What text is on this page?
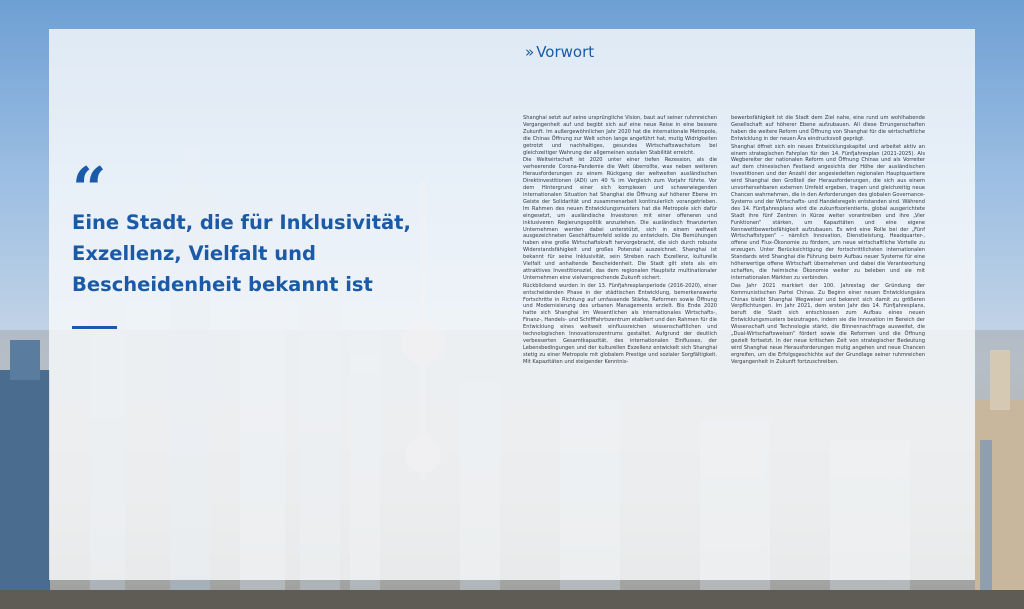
“
Eine Stadt, die für Inklusivität, Exzellenz, Vielfalt und Bescheidenheit bekannt ist
» Vorwort

Shanghai setzt auf seine ursprüngliche Vision, baut auf seiner ruhmreichen Vergangenheit auf und begibt sich auf eine neue Reise in eine bessere Zukunft. Im außergewöhnlichen Jahr 2020 hat die internationale Metropole, die Chinas Öffnung zur Welt schon lange angeführt hat, mutig Widrigkeiten getrotzt und nachhaltiges, gesundes Wirtschaftswachstum bei gleichzeitiger Wahrung der allgemeinen sozialen Stabilität erreicht.

Die Weltwirtschaft ist 2020 unter einer tiefen Rezession, als die verheerende Corona-Pandemie die Welt überrollte, was neben weiteren Herausforderungen zu einem Rückgang der weltweiten ausländischen Direktinvestitionen (ADI) um 40 % im Vergleich zum Vorjahr führte. Vor dem Hintergrund einer sich komplexen und schwerwiegenden internationalen Situation hat Shanghai die Öffnung auf höherer Ebene im Geiste der Solidarität und zusammenarbeit kontinuierlich vorangetrieben. Im Rahmen des neuen Entwicklungsmusters hat die Metropole sich dafür eingesetzt, um ausländische Investoren mit einer offeneren und inklusiveren Regierungspolitik anzuziehen. Die ausländisch finanzierten Unternehmen werden dabei unterstützt, sich in einem weltweit ausgezeichneten Geschäftsumfeld solide zu entwickeln. Die Bemühungen haben eine große Wirtschaftskraft hervorgebracht, die sich durch robuste Widerstandsfähigkeit und großes Potenzial auszeichnet. Shanghai ist bekannt für seine Inklusivität, sein Streben nach Exzellenz, kulturelle Vielfalt und anhaltende Bescheidenheit. Die Stadt gilt stets als ein attraktives Investitionsziel, das dem regionalen Hauptsitz multinationaler Unternehmen eine vielversprechende Zukunft sichert.

Rückblickend wurden in der 13. Fünfjahresplanperiode (2016-2020), einer entscheidenden Phase in der städtischen Entwicklung, bemerkenswerte Fortschritte in Richtung auf umfassende Stärke, Reformen sowie Öffnung und Modernisierung des urbanen Managements erzielt. Bis Ende 2020 hatte sich Shanghai im Wesentlichen als internationales Wirtschafts-, Finanz-, Handels- und Schifffahrtszentrum etabliert und den Rahmen für die Entwicklung eines weltweit einflussreichen wissenschaftlichen und technologischen Innovationszentrums gestaltet. Aufgrund der deutlich verbesserten Gesamtkapazität, des internationalen Einflusses, der Lebensbedingungen und der kulturellen Exzellenz entwickelt sich Shanghai stetig zu einer Metropole mit globalem Prestige und sozialer Sorgfältigkeit. Mit Kapazitäten und steigender Kenntnis-

bewerbsfähigkeit ist die Stadt dem Ziel nahe, eine rund um wohlhabende Gesellschaft auf höherer Ebene aufzubauen. All diese Errungenschaften haben die weitere Reform und Öffnung von Shanghai für die wirtschaftliche Entwicklung in der neuen Ära eindrucksvoll geprägt.

Shanghai öffnet sich ein neues Entwicklungskapitel und arbeitet aktiv an einem strategischen Fahrplan für den 14. Fünfjahresplan (2021-2025). Als Wegbereiter der nationalen Reform und Öffnung Chinas und als Vorreiter auf dem chinesischen Festland angesichts der Höhe der ausländischen Investitionen und der Anzahl der angesiedelten regionalen Hauptquartiere wird Shanghai den Großteil der Herausforderungen, die sich aus einem unvorhersehbaren externen Umfeld ergeben, tragen und gleichzeitig neue Chancen wahrnehmen, die in den Anforderungen des globalen Governance-Systems und der Wirtschafts- und Handelsregeln entstanden sind. Während des 14. Fünfjahresplans wird die zukunftsorientierte, global ausgerichtete Stadt ihre fünf Zentren in Kürze weiter vorantreiben und ihre „Vier Funktionen“ stärken, um Kapazitäten und eine eigene Kennwettbewerbsfähigkeit aufzubauen. Es wird eine Rolle bei der „Fünf Wirtschaftstypen“ – nämlich Innovation, Dienstleistung, Headquarter-, offene und Flux-Ökonomie zu fördern, um neue wirtschaftliche Vorteile zu erzeugen. Unter Berücksichtigung der fortschrittlichsten internationalen Standards wird Shanghai die Führung beim Aufbau neuer Systeme für eine höherwertige offene Wirtschaft übernehmen und dabei die Verantwortung schaffen, die heimische Ökonomie weiter zu beleben und sie mit internationalen Märkten zu verbinden.

Das Jahr 2021 markiert der 100. Jahrestag der Gründung der Kommunistischen Partei Chinas. Zu Beginn einer neuen Entwicklungsära Chinas bleibt Shanghai Wegweiser und bekennt sich damit zu größeren Verpflichtungen. Im Jahr 2021, dem ersten Jahr des 14. Fünfjahresplans, beruft die Stadt sich entschlossen zum Aufbau eines neuen Entwicklungsmusters beizutragen, indem sie die Innovation im Bereich der Wissenschaft und Technologie stärkt, die Binnennachfrage ausweitet, die „Dual-Wirtschaftsweisen“ fördert sowie die Reformen und die Öffnung gezielt fortsetzt. In der neue kritischen Zeit von strategischer Bedeutung wird Shanghai neue Herausforderungen mutig angehen und neue Chancen ergreifen, um die Erfolgsgeschichte auf der Grundlage seiner ruhmreichen Vergangenheit in Zukunft fortzuschreiben.
